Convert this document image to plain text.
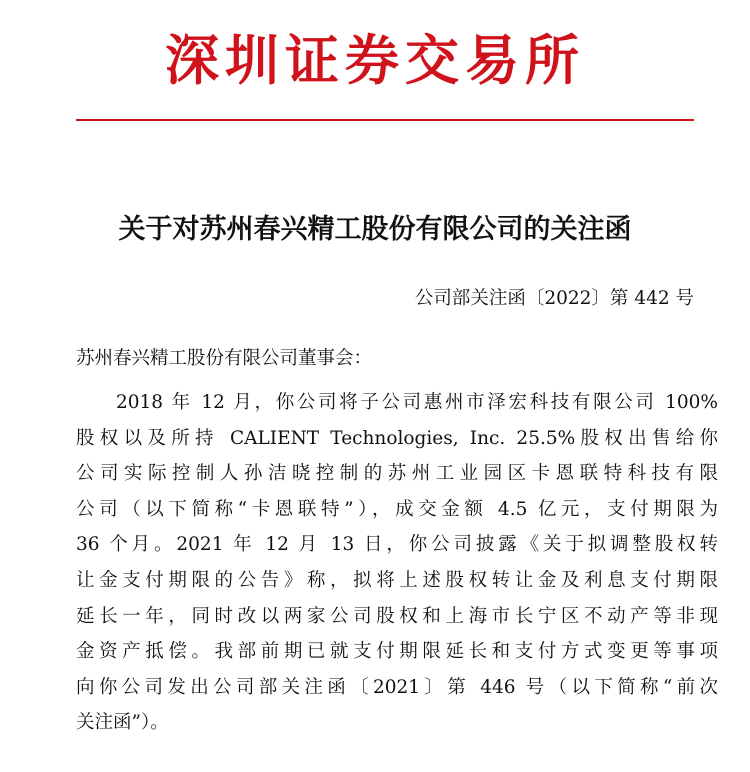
深圳证券交易所
关于对苏州春兴精工股份有限公司的关注函
公司部关注函〔2022〕第 442 号
苏州春兴精工股份有限公司董事会：
2018 年 12 月，你公司将子公司惠州市泽宏科技有限公司 100%
股权以及所持 CALIENT Technologies, Inc. 25.5%股权出售给你
公司实际控制人孙洁晓控制的苏州工业园区卡恩联特科技有限
公司（以下简称“卡恩联特”），成交金额 4.5 亿元，支付期限为
36 个月。2021 年 12 月 13 日，你公司披露《关于拟调整股权转
让金支付期限的公告》称，拟将上述股权转让金及利息支付期限
延长一年，同时改以两家公司股权和上海市长宁区不动产等非现
金资产抵偿。我部前期已就支付期限延长和支付方式变更等事项
向你公司发出公司部关注函〔2021〕第 446 号（以下简称“前次
关注函”）。
